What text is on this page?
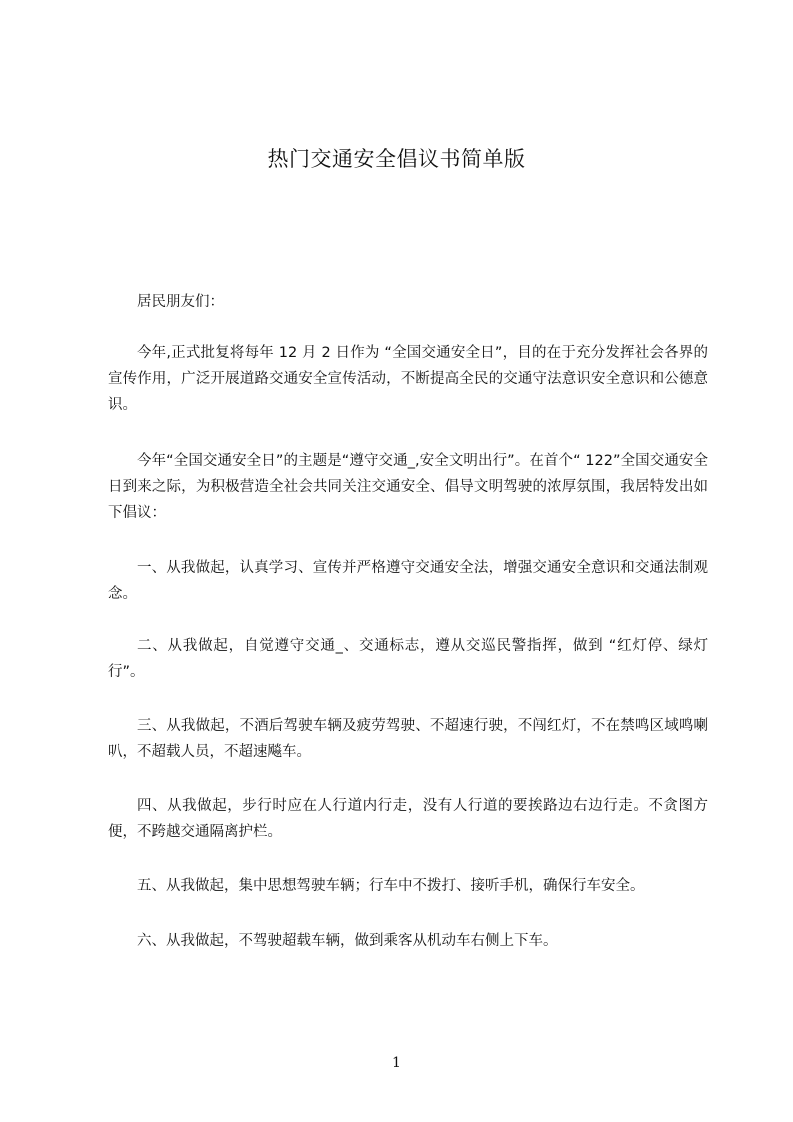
热门交通安全倡议书简单版
居民朋友们：

今年,正式批复将每年 12 月 2 日作为 “全国交通安全日”，目的在于充分发挥社会各界的宣传作用，广泛开展道路交通安全宣传活动，不断提高全民的交通守法意识安全意识和公德意识。

今年“全国交通安全日”的主题是“遵守交通_,安全文明出行”。在首个“ 122”全国交通安全日到来之际，为积极营造全社会共同关注交通安全、倡导文明驾驶的浓厚氛围，我居特发出如下倡议：

一、从我做起，认真学习、宣传并严格遵守交通安全法，增强交通安全意识和交通法制观念。

二、从我做起，自觉遵守交通_、交通标志，遵从交巡民警指挥，做到 “红灯停、绿灯行”。

三、从我做起，不酒后驾驶车辆及疲劳驾驶、不超速行驶，不闯红灯，不在禁鸣区域鸣喇叭，不超载人员，不超速飚车。

四、从我做起，步行时应在人行道内行走，没有人行道的要挨路边右边行走。不贪图方便，不跨越交通隔离护栏。

五、从我做起，集中思想驾驶车辆；行车中不拨打、接听手机，确保行车安全。

六、从我做起，不驾驶超载车辆，做到乘客从机动车右侧上下车。

1
